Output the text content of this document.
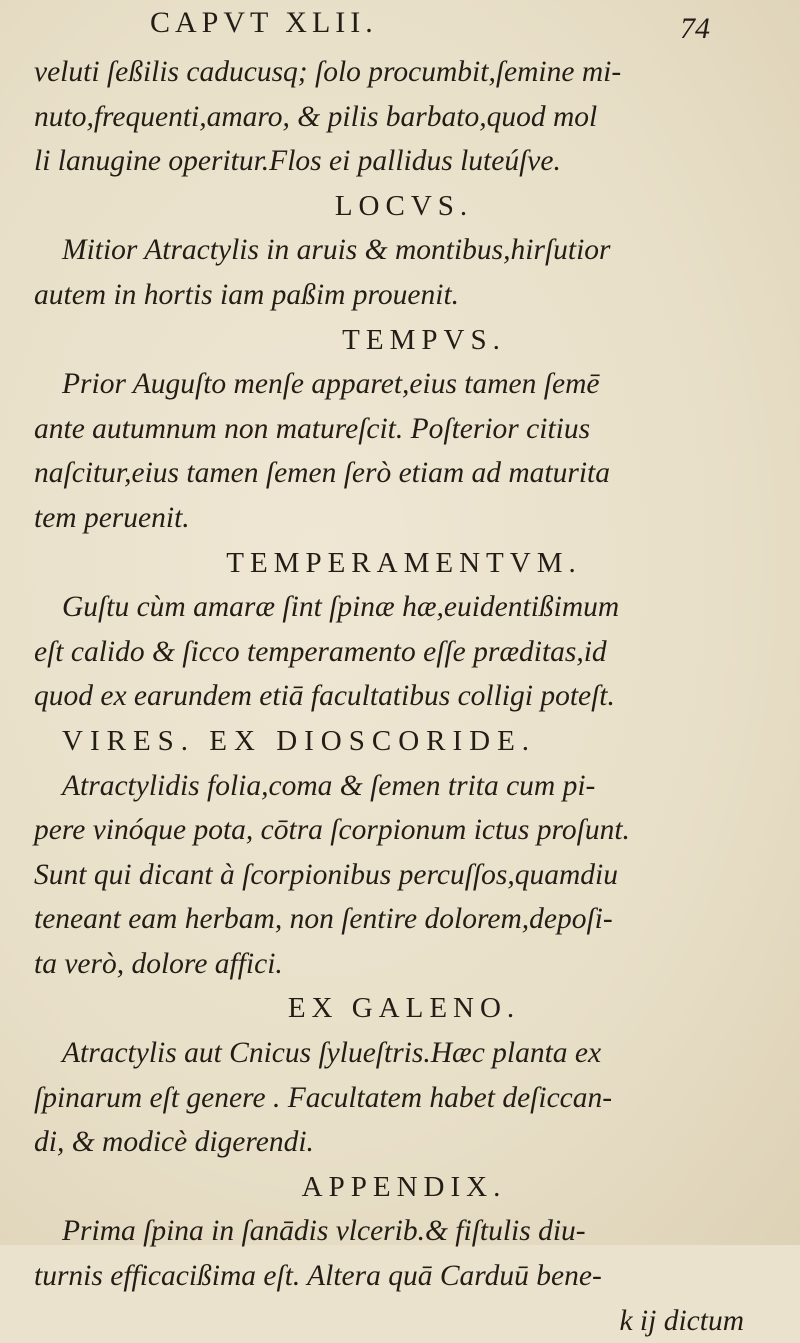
CAPVT XLII.	74
veluti ſeßilis caducusq; ſolo procumbit,ſemine mi-
nuto,frequenti,amaro, & pilis barbato,quod mol
li lanugine operitur.Flos ei pallidus luteúſve.
LOCVS.
Mitior Atractylis in aruis & montibus,hirſutior
autem in hortis iam paßim prouenit.
TEMPVS.
Prior Auguſto menſe apparet,eius tamen ſemē
ante autumnum non matureſcit. Poſterior citius
naſcitur,eius tamen ſemen ſerò etiam ad maturita
tem peruenit.
TEMPERAMENTVM.
Guſtu cùm amaræ ſint ſpinæ hæ,euidentißimum
eſt calido & ſicco temperamento eſſe præditas,id
quod ex earundem etiā facultatibus colligi poteſt.
VIRES. EX DIOSCORIDE.
Atractylidis folia,coma & ſemen trita cum pi-
pere vinóque pota, cōtra ſcorpionum ictus proſunt.
Sunt qui dicant à ſcorpionibus percuſſos,quamdiu
teneant eam herbam, non ſentire dolorem,depoſi-
ta verò, dolore affici.
EX GALENO.
Atractylis aut Cnicus ſylueſtris.Hæc planta ex
ſpinarum eſt genere . Facultatem habet deſiccan-
di, & modicè digerendi.
APPENDIX.
Prima ſpina in ſanādis vlcerib.& fiſtulis diu-
turnis efficacißima eſt. Altera quā Carduū bene-
k ij dictum
